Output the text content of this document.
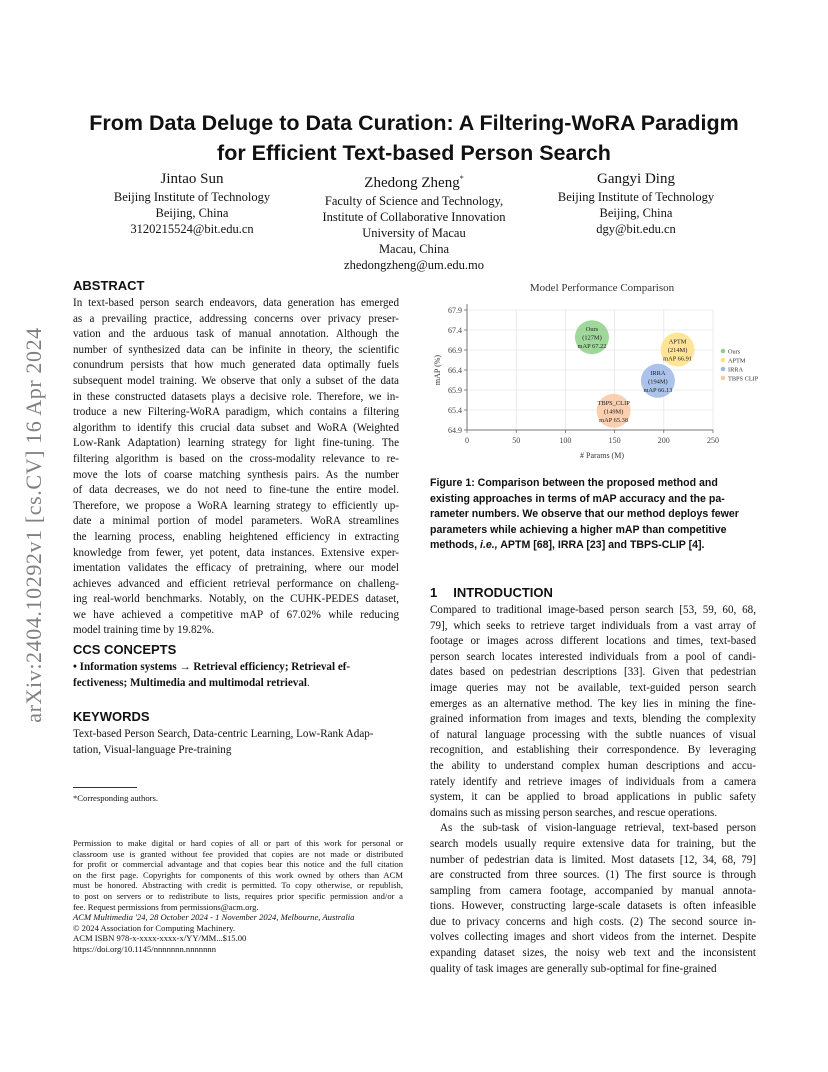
arXiv:2404.10292v1 [cs.CV] 16 Apr 2024
From Data Deluge to Data Curation: A Filtering-WoRA Paradigm
for Efficient Text-based Person Search
Jintao Sun
Beijing Institute of Technology
Beijing, China
3120215524@bit.edu.cn
Zhedong Zheng*
Faculty of Science and Technology,
Institute of Collaborative Innovation
University of Macau
Macau, China
zhedongzheng@um.edu.mo
Gangyi Ding
Beijing Institute of Technology
Beijing, China
dgy@bit.edu.cn
ABSTRACT
In text-based person search endeavors, data generation has emerged
as a prevailing practice, addressing concerns over privacy preser-
vation and the arduous task of manual annotation. Although the
number of synthesized data can be infinite in theory, the scientific
conundrum persists that how much generated data optimally fuels
subsequent model training. We observe that only a subset of the data
in these constructed datasets plays a decisive role. Therefore, we in-
troduce a new Filtering-WoRA paradigm, which contains a filtering
algorithm to identify this crucial data subset and WoRA (Weighted
Low-Rank Adaptation) learning strategy for light fine-tuning. The
filtering algorithm is based on the cross-modality relevance to re-
move the lots of coarse matching synthesis pairs. As the number
of data decreases, we do not need to fine-tune the entire model.
Therefore, we propose a WoRA learning strategy to efficiently up-
date a minimal portion of model parameters. WoRA streamlines
the learning process, enabling heightened efficiency in extracting
knowledge from fewer, yet potent, data instances. Extensive exper-
imentation validates the efficacy of pretraining, where our model
achieves advanced and efficient retrieval performance on challeng-
ing real-world benchmarks. Notably, on the CUHK-PEDES dataset,
we have achieved a competitive mAP of 67.02% while reducing
model training time by 19.82%.
CCS CONCEPTS
• Information systems → Retrieval efficiency; Retrieval ef-
fectiveness; Multimedia and multimodal retrieval.
KEYWORDS
Text-based Person Search, Data-centric Learning, Low-Rank Adap-
tation, Visual-language Pre-training
*Corresponding authors.
Permission to make digital or hard copies of all or part of this work for personal or
classroom use is granted without fee provided that copies are not made or distributed
for profit or commercial advantage and that copies bear this notice and the full citation
on the first page. Copyrights for components of this work owned by others than ACM
must be honored. Abstracting with credit is permitted. To copy otherwise, or republish,
to post on servers or to redistribute to lists, requires prior specific permission and/or a
fee. Request permissions from permissions@acm.org.
ACM Multimedia '24, 28 October 2024 - 1 November 2024, Melbourne, Australia
© 2024 Association for Computing Machinery.
ACM ISBN 978-x-xxxx-xxxx-x/YY/MM...$15.00
https://doi.org/10.1145/nnnnnnn.nnnnnnn
Model Performance Comparison
64.9
65.4
65.9
66.4
66.9
67.4
67.9
0	50	100	150	200	250
# Params (M)
mAP (%)
Ours
(127M)
mAP 67.22
APTM
(214M)
mAP 66.91
IRRA
(194M)
mAP 66.13
TBPS_CLIP
(149M)
mAP 65.38
Ours
APTM
IRRA
TBPS CLIP
Figure 1: Comparison between the proposed method and
existing approaches in terms of mAP accuracy and the pa-
rameter numbers. We observe that our method deploys fewer
parameters while achieving a higher mAP than competitive
methods, i.e., APTM [68], IRRA [23] and TBPS-CLIP [4].
1 INTRODUCTION
Compared to traditional image-based person search [53, 59, 60, 68,
79], which seeks to retrieve target individuals from a vast array of
footage or images across different locations and times, text-based
person search locates interested individuals from a pool of candi-
dates based on pedestrian descriptions [33]. Given that pedestrian
image queries may not be available, text-guided person search
emerges as an alternative method. The key lies in mining the fine-
grained information from images and texts, blending the complexity
of natural language processing with the subtle nuances of visual
recognition, and establishing their correspondence. By leveraging
the ability to understand complex human descriptions and accu-
rately identify and retrieve images of individuals from a camera
system, it can be applied to broad applications in public safety
domains such as missing person searches, and rescue operations.
As the sub-task of vision-language retrieval, text-based person
search models usually require extensive data for training, but the
number of pedestrian data is limited. Most datasets [12, 34, 68, 79]
are constructed from three sources. (1) The first source is through
sampling from camera footage, accompanied by manual annota-
tions. However, constructing large-scale datasets is often infeasible
due to privacy concerns and high costs. (2) The second source in-
volves collecting images and short videos from the internet. Despite
expanding dataset sizes, the noisy web text and the inconsistent
quality of task images are generally sub-optimal for fine-grained
